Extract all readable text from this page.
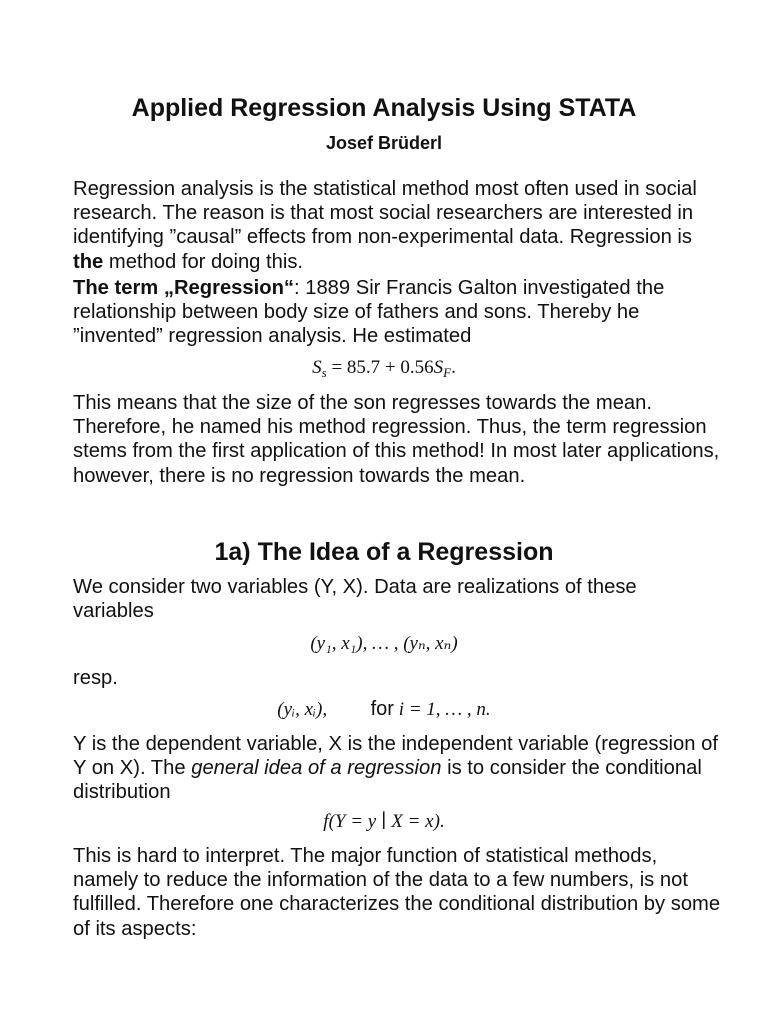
Applied Regression Analysis Using STATA
Josef Brüderl

Regression analysis is the statistical method most often used in social research. The reason is that most social researchers are interested in identifying ”causal” effects from non-experimental data. Regression is the method for doing this.

The term „Regression“: 1889 Sir Francis Galton investigated the relationship between body size of fathers and sons. Thereby he ”invented” regression analysis. He estimated

$S_s = 85.7 + 0.56S_F$.

This means that the size of the son regresses towards the mean. Therefore, he named his method regression. Thus, the term regression stems from the first application of this method! In most later applications, however, there is no regression towards the mean.

1a) The Idea of a Regression

We consider two variables (Y, X). Data are realizations of these variables

(y₁, x₁), … , (yₙ, xₙ)

resp.

(yᵢ, xᵢ), for i = 1, … , n.

Y is the dependent variable, X is the independent variable (regression of Y on X). The general idea of a regression is to consider the conditional distribution

f(Y = y ∣ X = x).

This is hard to interpret. The major function of statistical methods, namely to reduce the information of the data to a few numbers, is not fulfilled. Therefore one characterizes the conditional distribution by some of its aspects:
